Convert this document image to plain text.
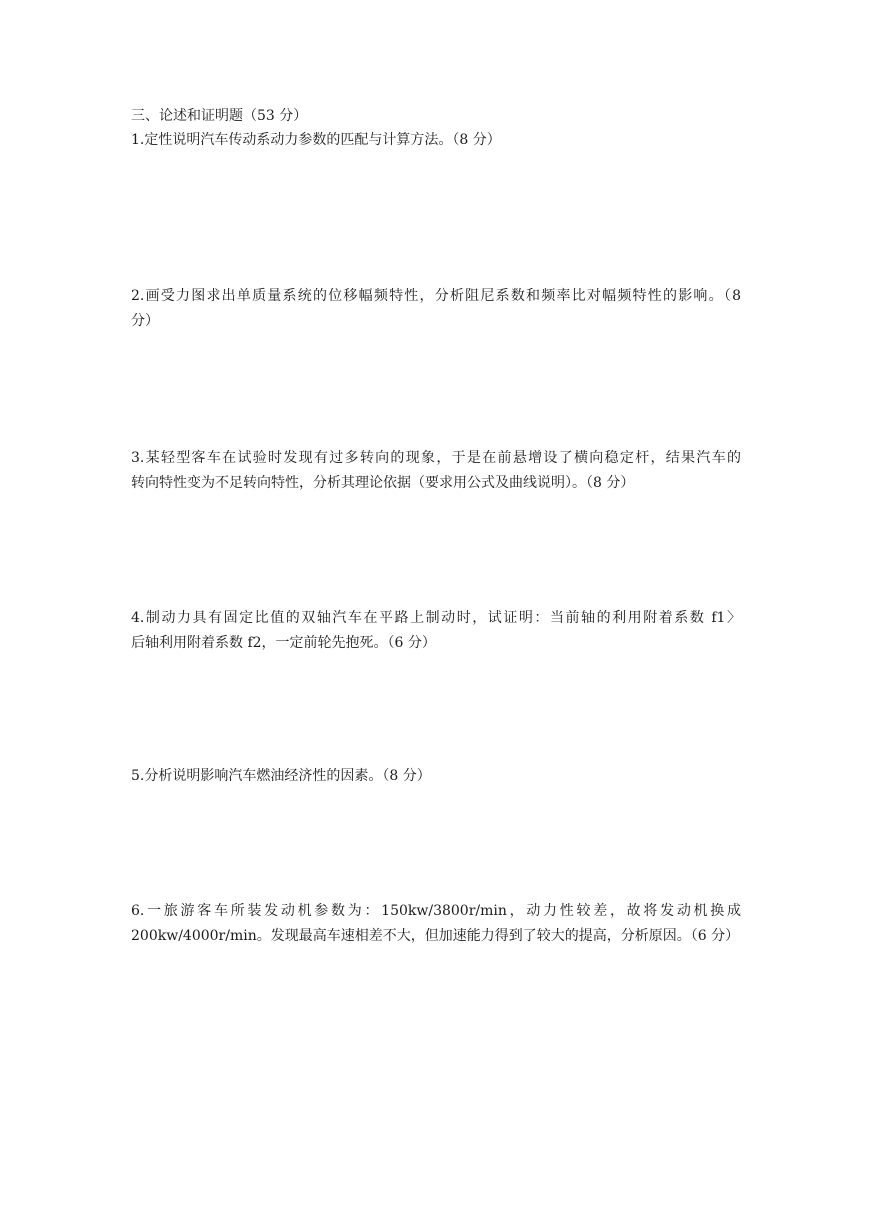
三、论述和证明题（53 分）
1.定性说明汽车传动系动力参数的匹配与计算方法。（8 分）
2.画受力图求出单质量系统的位移幅频特性，分析阻尼系数和频率比对幅频特性的影响。（8
分）
3.某轻型客车在试验时发现有过多转向的现象，于是在前悬增设了横向稳定杆，结果汽车的
转向特性变为不足转向特性，分析其理论依据（要求用公式及曲线说明）。（8 分）
4.制动力具有固定比值的双轴汽车在平路上制动时，试证明：当前轴的利用附着系数 f1〉
后轴利用附着系数 f2，一定前轮先抱死。（6 分）
5.分析说明影响汽车燃油经济性的因素。（8 分）
6.一旅游客车所装发动机参数为：150kw/3800r/min，动力性较差，故将发动机换成
200kw/4000r/min。发现最高车速相差不大，但加速能力得到了较大的提高，分析原因。（6 分）
